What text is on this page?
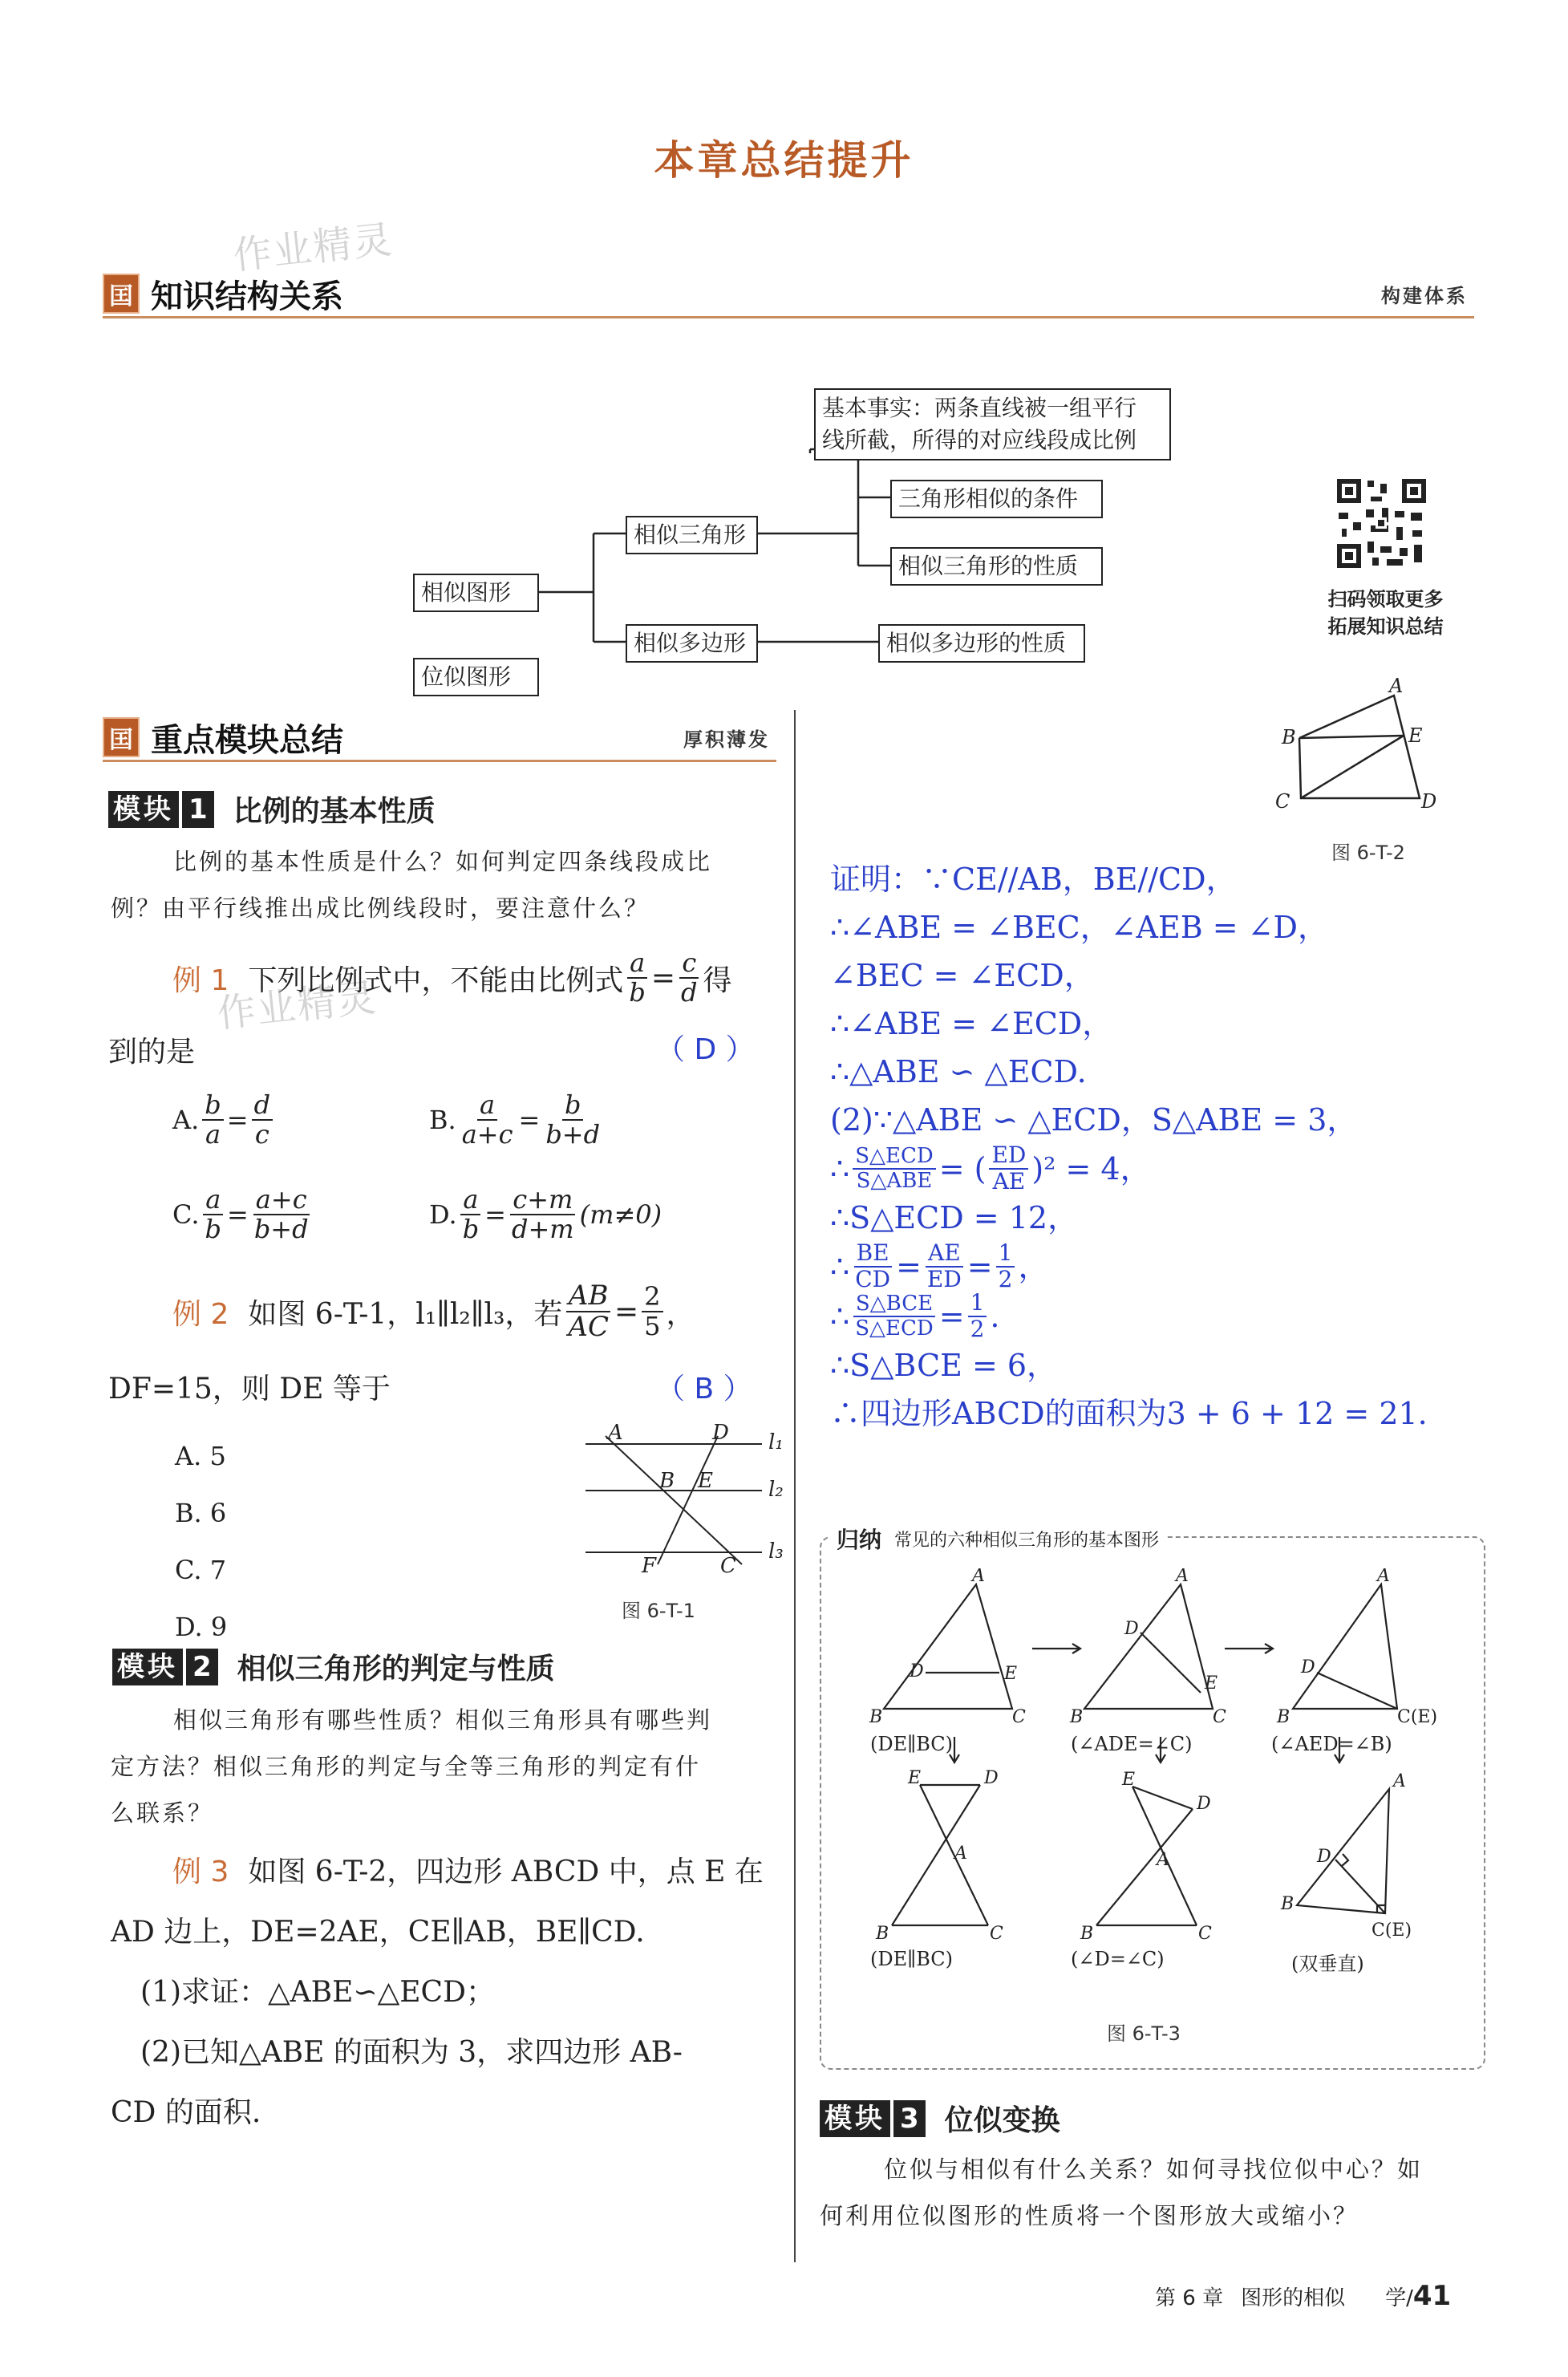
本章总结提升
作业精灵
囯 知识结构关系	构建体系
基本事实：两条直线被一组平行
线所截，所得的对应线段成比例
相似图形
位似图形
相似三角形
相似多边形
三角形相似的条件
相似三角形的性质
相似多边形的性质
扫码领取更多
拓展知识总结
囯 重点模块总结	厚积薄发
模块 1 比例的基本性质
比例的基本性质是什么？如何判定四条线段成比
例？由平行线推出成比例线段时，要注意什么？
作业精灵
例 1 下列比例式中，不能由比例式 $\frac{a}{b} = \frac{c}{d}$ 得
到的是	（ D ）
A. $\frac{b}{a} = \frac{d}{c}$	B. $\frac{a}{a+c} = \frac{b}{b+d}$
C. $\frac{a}{b} = \frac{a+c}{b+d}$	D. $\frac{a}{b} = \frac{c+m}{d+m} (m\ne 0)$
例 2 如图 6-T-1，l₁∥l₂∥l₃，若 $\frac{AB}{AC} = \frac{2}{5}$ ，
DF=15，则 DE 等于	（ B ）
A. 5
B. 6
C. 7
D. 9
A	D
B E
F	C
l₁
l₂
l₃
图 6-T-1
模块 2 相似三角形的判定与性质
相似三角形有哪些性质？相似三角形具有哪些判
定方法？相似三角形的判定与全等三角形的判定有什
么联系？
例 3 如图 6-T-2，四边形 ABCD 中，点 E 在
AD 边上，DE=2AE，CE∥AB，BE∥CD.
(1)求证：△ABE∽△ECD；
(2)已知△ABE 的面积为 3，求四边形 AB-
CD 的面积.
A
B	E
C	D
图 6-T-2
证明：∵CE//AB，BE//CD，
∴∠ABE = ∠BEC，∠AEB = ∠D，
∠BEC = ∠ECD，
∴∠ABE = ∠ECD，
∴△ABE ∽ △ECD.
(2)∵△ABE ∽ △ECD，S△ABE = 3，
∴ $\frac{\text{S△ECD}}{\text{S△ABE}}$ = ( $\frac{ED}{AE} )^2 = 4$，
∴S△ECD = 12，
∴ $\frac{BE}{CD} = \frac{AE}{ED} = \frac{1}{2}$ ，
∴ $\frac{\text{S△BCE}}{\text{S△ECD}} = \frac{1}{2}$ .
∴S△BCE = 6，
∴四边形ABCD的面积为3 + 6 + 12 = 21.
归纳 常见的六种相似三角形的基本图形
A
D	E
B	C
A
D
E
B	C
A
D
B	C(E)
E	D
A
B	C
E
D
A
B	C
A
D
B
C(E)
(DE∥BC)	(∠ADE=∠C)	(∠AED=∠B)
(DE∥BC)	(∠D=∠C)	(双垂直)
图 6-T-3
模块 3 位似变换
位似与相似有什么关系？如何寻找位似中心？如
何利用位似图形的性质将一个图形放大或缩小？
第 6 章 图形的相似 学/ 41
